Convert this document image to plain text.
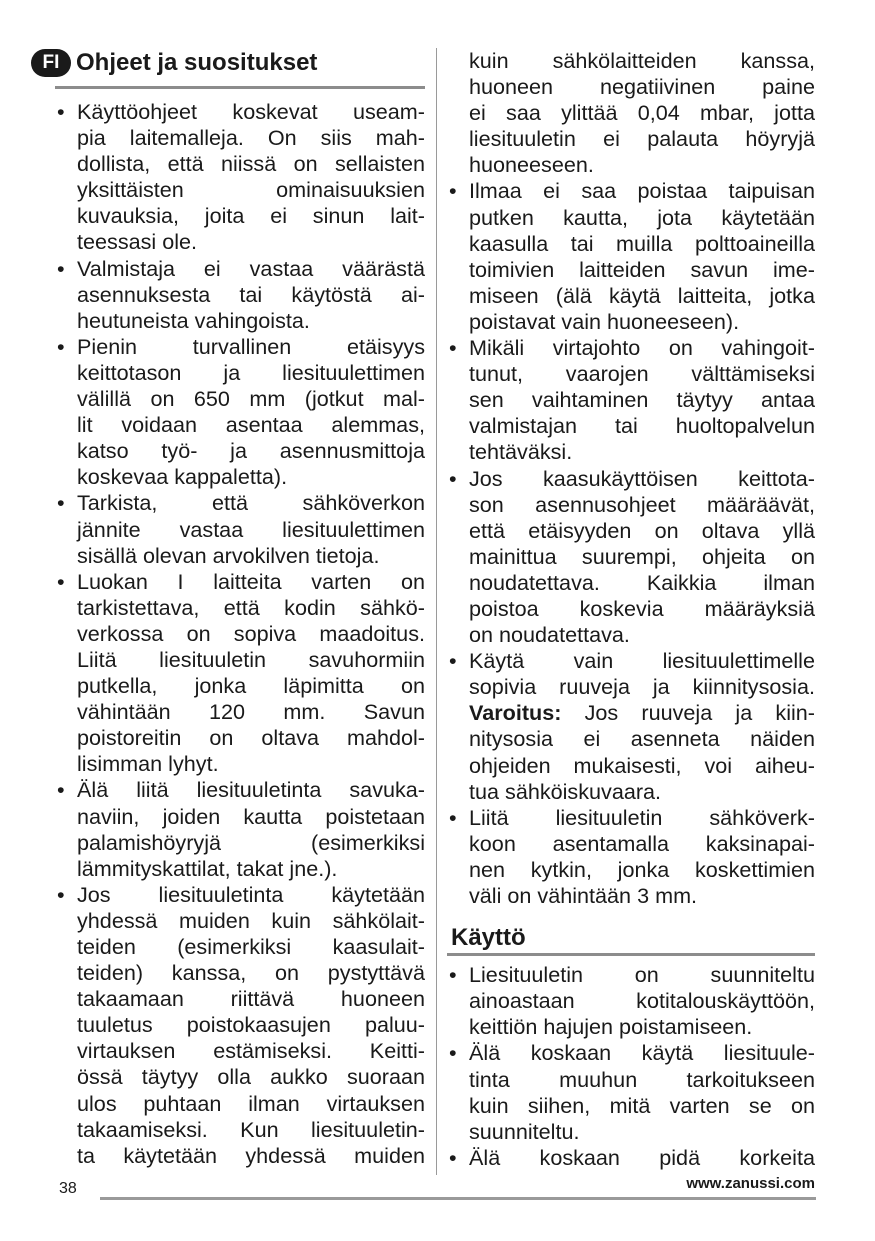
FI Ohjeet ja suositukset
• Käyttöohjeet koskevat useam-
pia laitemalleja. On siis mah-
dollista, että niissä on sellaisten
yksittäisten ominaisuuksien
kuvauksia, joita ei sinun lait-
teessasi ole.
• Valmistaja ei vastaa väärästä
asennuksesta tai käytöstä ai-
heutuneista vahingoista.
• Pienin turvallinen etäisyys
keittotason ja liesituulettimen
välillä on 650 mm (jotkut mal-
lit voidaan asentaa alemmas,
katso työ- ja asennusmittoja
koskevaa kappaletta).
• Tarkista, että sähköverkon
jännite vastaa liesituulettimen
sisällä olevan arvokilven tietoja.
• Luokan I laitteita varten on
tarkistettava, että kodin sähkö-
verkossa on sopiva maadoitus.
Liitä liesituuletin savuhormiin
putkella, jonka läpimitta on
vähintään 120 mm. Savun
poistoreitin on oltava mahdol-
lisimman lyhyt.
• Älä liitä liesituuletinta savuka-
naviin, joiden kautta poistetaan
palamishöyryjä (esimerkiksi
lämmityskattilat, takat jne.).
• Jos liesituuletinta käytetään
yhdessä muiden kuin sähkölait-
teiden (esimerkiksi kaasulait-
teiden) kanssa, on pystyttävä
takaamaan riittävä huoneen
tuuletus poistokaasujen paluu-
virtauksen estämiseksi. Keitti-
össä täytyy olla aukko suoraan
ulos puhtaan ilman virtauksen
takaamiseksi. Kun liesituuletin-
ta käytetään yhdessä muiden
kuin sähkölaitteiden kanssa,
huoneen negatiivinen paine
ei saa ylittää 0,04 mbar, jotta
liesituuletin ei palauta höyryjä
huoneeseen.
• Ilmaa ei saa poistaa taipuisan
putken kautta, jota käytetään
kaasulla tai muilla polttoaineilla
toimivien laitteiden savun ime-
miseen (älä käytä laitteita, jotka
poistavat vain huoneeseen).
• Mikäli virtajohto on vahingoit-
tunut, vaarojen välttämiseksi
sen vaihtaminen täytyy antaa
valmistajan tai huoltopalvelun
tehtäväksi.
• Jos kaasukäyttöisen keittota-
son asennusohjeet määräävät,
että etäisyyden on oltava yllä
mainittua suurempi, ohjeita on
noudatettava. Kaikkia ilman
poistoa koskevia määräyksiä
on noudatettava.
• Käytä vain liesituulettimelle
sopivia ruuveja ja kiinnitysosia.
Varoitus: Jos ruuveja ja kiin-
nitysosia ei asenneta näiden
ohjeiden mukaisesti, voi aiheu-
tua sähköiskuvaara.
• Liitä liesituuletin sähköverk-
koon asentamalla kaksinapai-
nen kytkin, jonka koskettimien
väli on vähintään 3 mm.
Käyttö
• Liesituuletin on suunniteltu
ainoastaan kotitalouskäyttöön,
keittiön hajujen poistamiseen.
• Älä koskaan käytä liesituule-
tinta muuhun tarkoitukseen
kuin siihen, mitä varten se on
suunniteltu.
• Älä koskaan pidä korkeita
38	www.zanussi.com
